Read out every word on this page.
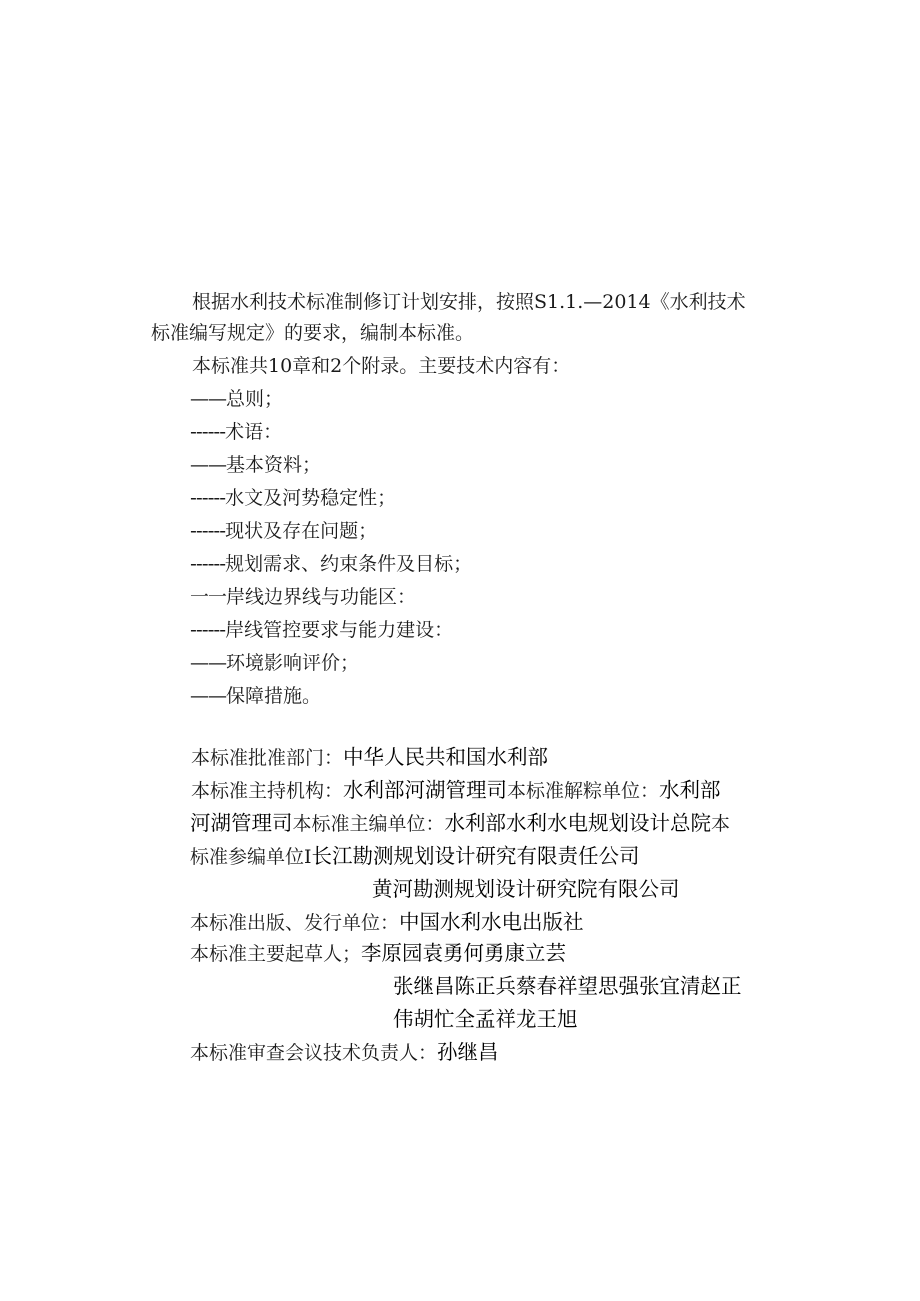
根据水利技术标准制修订计划安排，按照S1.1.—2014《水利技术
标准编写规定》的要求，编制本标准。
本标准共10章和2个附录。主要技术内容有：
——总则；
------术语：
——基本资料；
------水文及河势稳定性；
------现状及存在问题；
------规划需求、约束条件及目标；
一一岸线边界线与功能区：
------岸线管控要求与能力建设：
——环境影响评价；
——保障措施。
本标准批准部门：中华人民共和国水利部
本标准主持机构：水利部河湖管理司本标准解粽单位：水利部
河湖管理司本标准主编单位：水利部水利水电规划设计总院本
标准参编单位I长江勘测规划设计研究有限责任公司
黄河勘测规划设计研究院有限公司
本标准出版、发行单位：中国水利水电出版社
本标准主要起草人；李原园袁勇何勇康立芸
张继昌陈正兵蔡春祥望思强张宜清赵正
伟胡忙全孟祥龙王旭
本标准审查会议技术负责人：孙继昌
